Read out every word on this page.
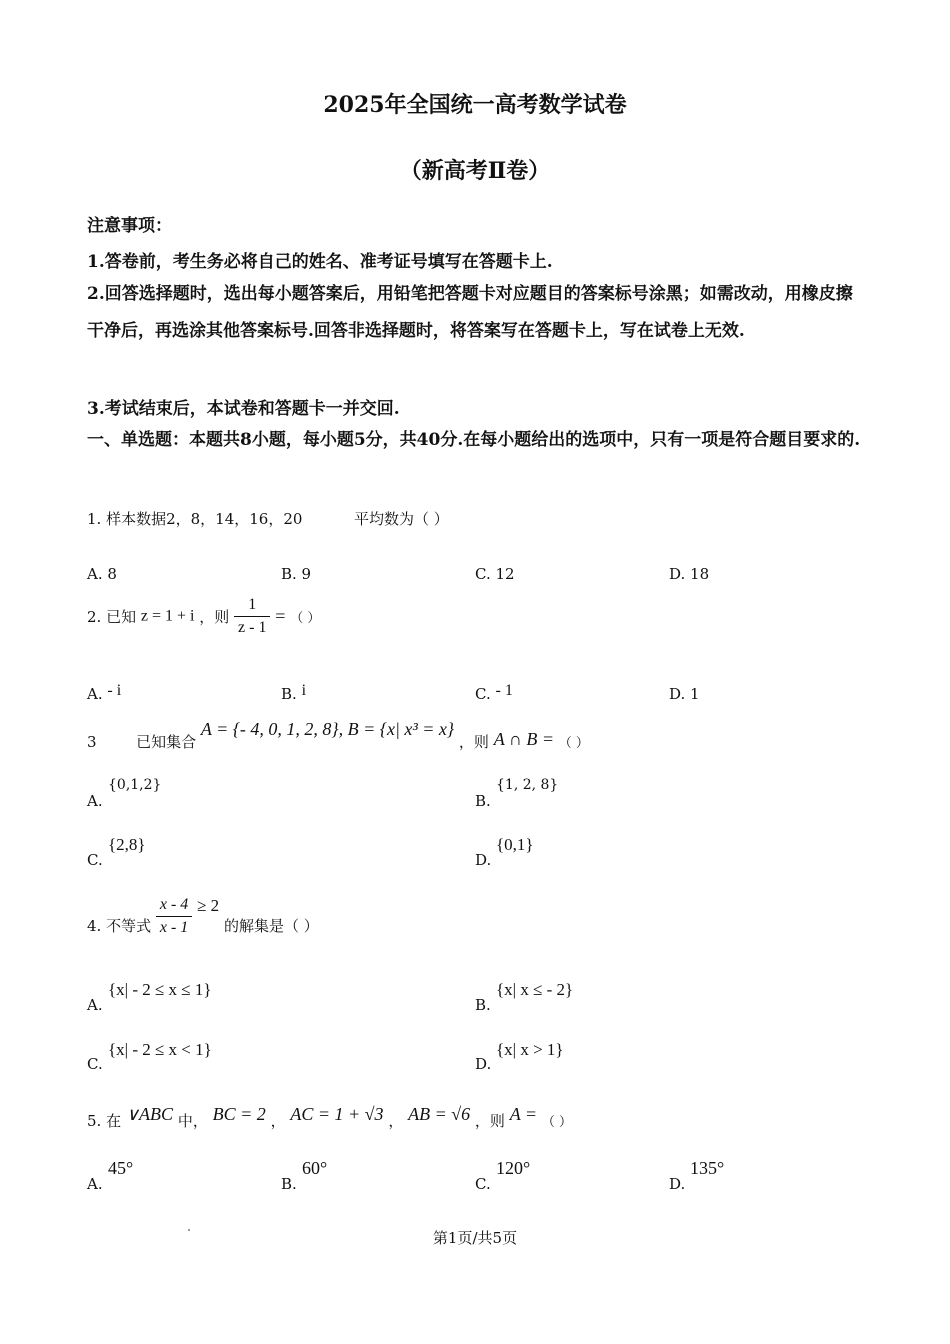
2025年全国统一高考数学试卷
（新高考Ⅱ卷）
注意事项：
1.答卷前，考生务必将自己的姓名、准考证号填写在答题卡上.
2.回答选择题时，选出每小题答案后，用铅笔把答题卡对应题目的答案标号涂黑；如需改动，用橡皮擦干净后，再选涂其他答案标号.回答非选择题时，将答案写在答题卡上，写在试卷上无效.
3.考试结束后，本试卷和答题卡一并交回.
一、单选题：本题共8小题，每小题5分，共40分.在每小题给出的选项中，只有一项是符合题目要求的.
1. 样本数据2，8，14，16，20	平均数为（ ）
A. 8	B. 9	C. 12	D. 18
2. 已知 z = 1 + i ，则 $\frac{1}{z - 1}$ = （ ）
A. - i	B. i	C. - 1	D. 1
3	已知集合 A = {- 4, 0, 1, 2, 8}, B = {x| x³ = x} ，则 A ∩ B = （ ）
A.
{0,1,2}
B.
{1, 2, 8}
C.
{2,8}
D.
{0,1}
4. 不等式 $\frac{x - 4}{x - 1} \ge 2$ 的解集是（ ）
A.
{x| - 2 ≤ x ≤ 1}
B.
{x| x ≤ - 2}
C.
{x| - 2 ≤ x < 1}
D.
{x| x > 1}
5. 在 ∨ABC 中， BC = 2 ， AC = 1 + √3 ， AB = √6 ，则 A = （ ）
A.
45°
B.
60°
C.
120°
D.
135°
第1页/共5页
